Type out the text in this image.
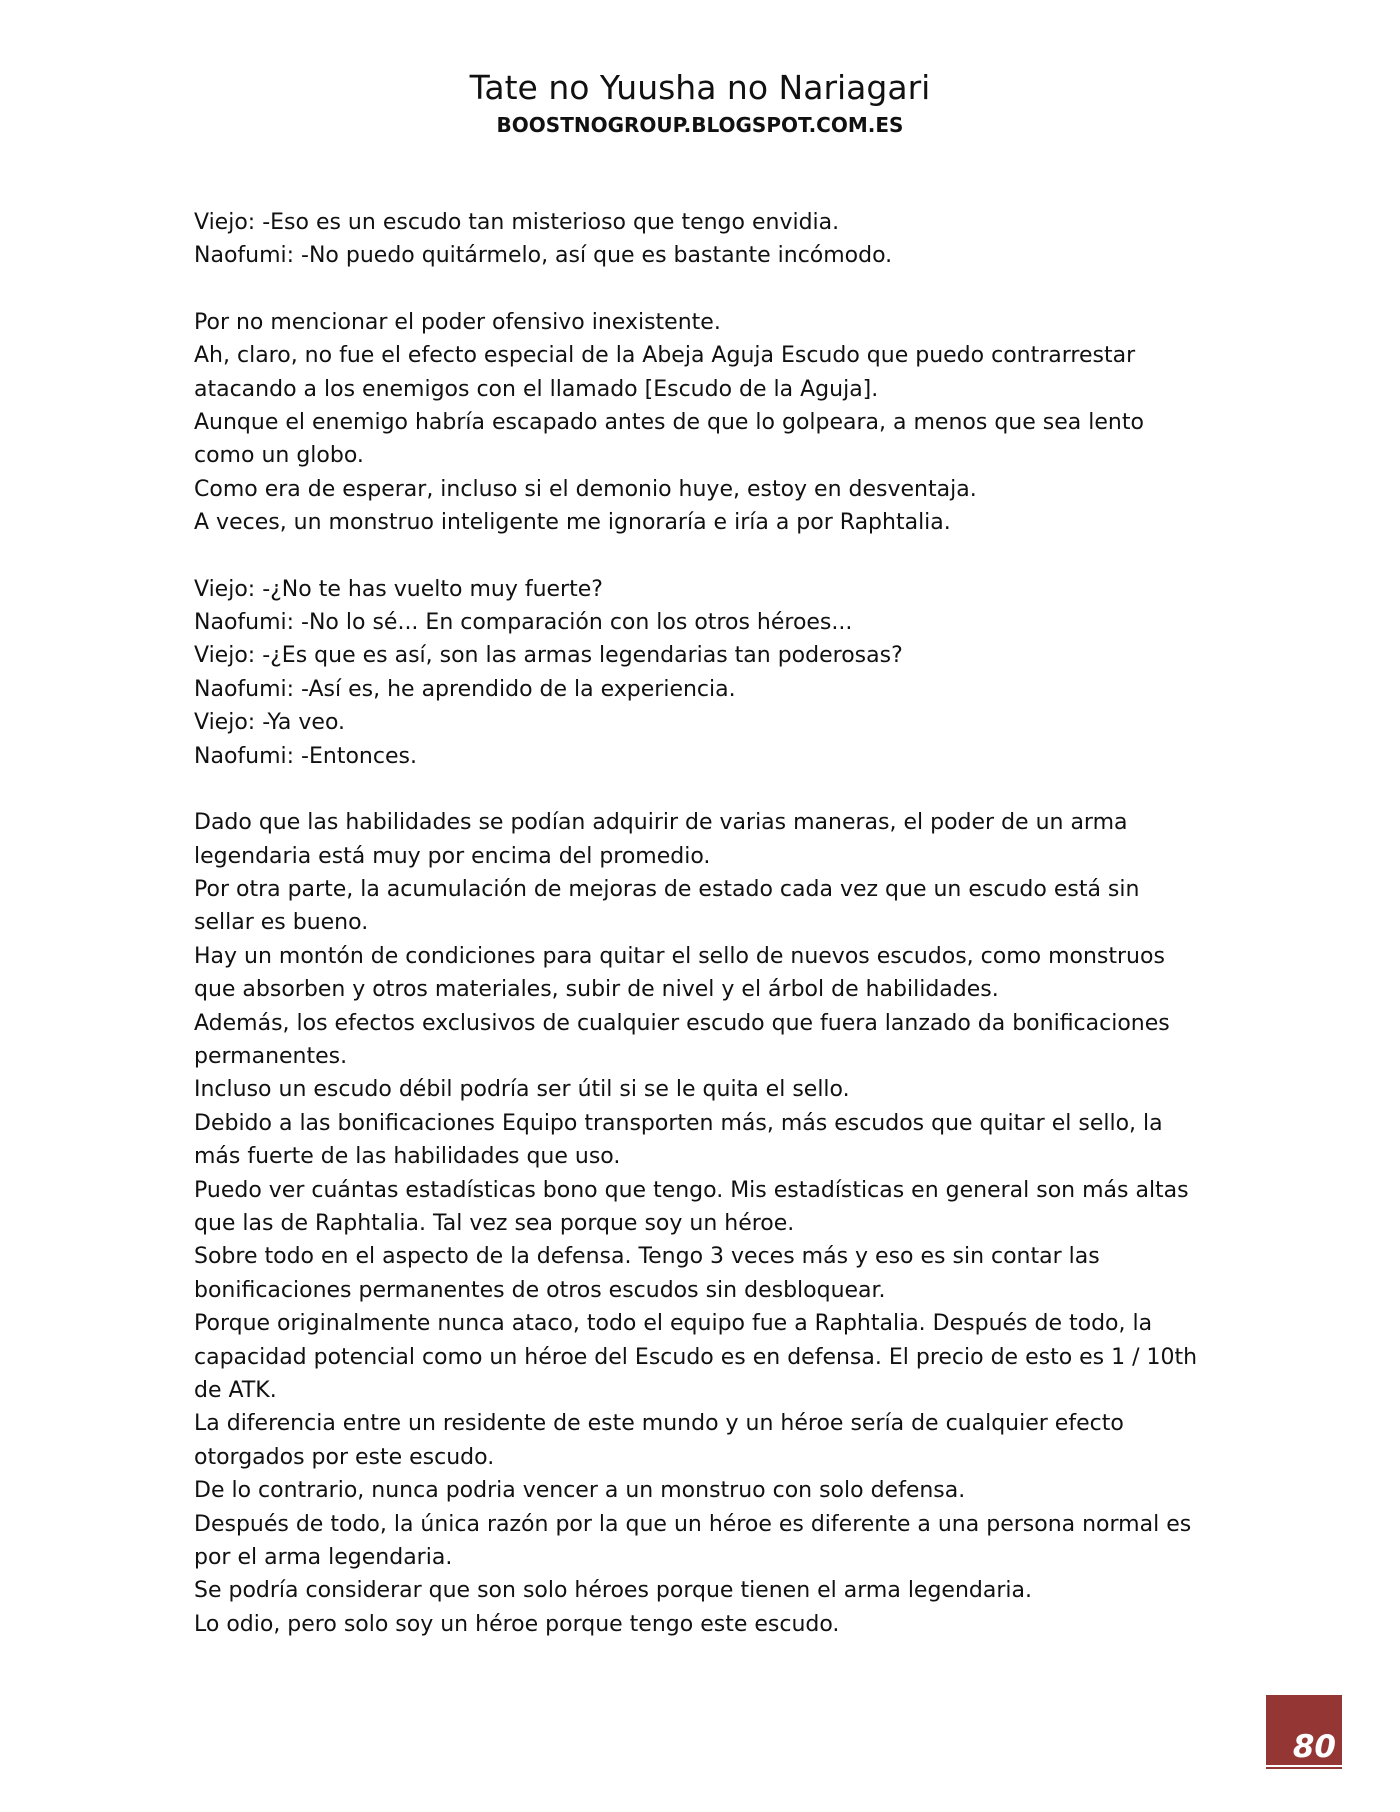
Tate no Yuusha no Nariagari
BOOSTNOGROUP.BLOGSPOT.COM.ES
Viejo: -Eso es un escudo tan misterioso que tengo envidia.
Naofumi: -No puedo quitármelo, así que es bastante incómodo.
Por no mencionar el poder ofensivo inexistente.
Ah, claro, no fue el efecto especial de la Abeja Aguja Escudo que puedo contrarrestar
atacando a los enemigos con el llamado [Escudo de la Aguja].
Aunque el enemigo habría escapado antes de que lo golpeara, a menos que sea lento
como un globo.
Como era de esperar, incluso si el demonio huye, estoy en desventaja.
A veces, un monstruo inteligente me ignoraría e iría a por Raphtalia.
Viejo: -¿No te has vuelto muy fuerte?
Naofumi: -No lo sé... En comparación con los otros héroes...
Viejo: -¿Es que es así, son las armas legendarias tan poderosas?
Naofumi: -Así es, he aprendido de la experiencia.
Viejo: -Ya veo.
Naofumi: -Entonces.
Dado que las habilidades se podían adquirir de varias maneras, el poder de un arma
legendaria está muy por encima del promedio.
Por otra parte, la acumulación de mejoras de estado cada vez que un escudo está sin
sellar es bueno.
Hay un montón de condiciones para quitar el sello de nuevos escudos, como monstruos
que absorben y otros materiales, subir de nivel y el árbol de habilidades.
Además, los efectos exclusivos de cualquier escudo que fuera lanzado da bonificaciones
permanentes.
Incluso un escudo débil podría ser útil si se le quita el sello.
Debido a las bonificaciones Equipo transporten más, más escudos que quitar el sello, la
más fuerte de las habilidades que uso.
Puedo ver cuántas estadísticas bono que tengo. Mis estadísticas en general son más altas
que las de Raphtalia. Tal vez sea porque soy un héroe.
Sobre todo en el aspecto de la defensa. Tengo 3 veces más y eso es sin contar las
bonificaciones permanentes de otros escudos sin desbloquear.
Porque originalmente nunca ataco, todo el equipo fue a Raphtalia. Después de todo, la
capacidad potencial como un héroe del Escudo es en defensa. El precio de esto es 1 / 10th
de ATK.
La diferencia entre un residente de este mundo y un héroe sería de cualquier efecto
otorgados por este escudo.
De lo contrario, nunca podria vencer a un monstruo con solo defensa.
Después de todo, la única razón por la que un héroe es diferente a una persona normal es
por el arma legendaria.
Se podría considerar que son solo héroes porque tienen el arma legendaria.
Lo odio, pero solo soy un héroe porque tengo este escudo.
80
